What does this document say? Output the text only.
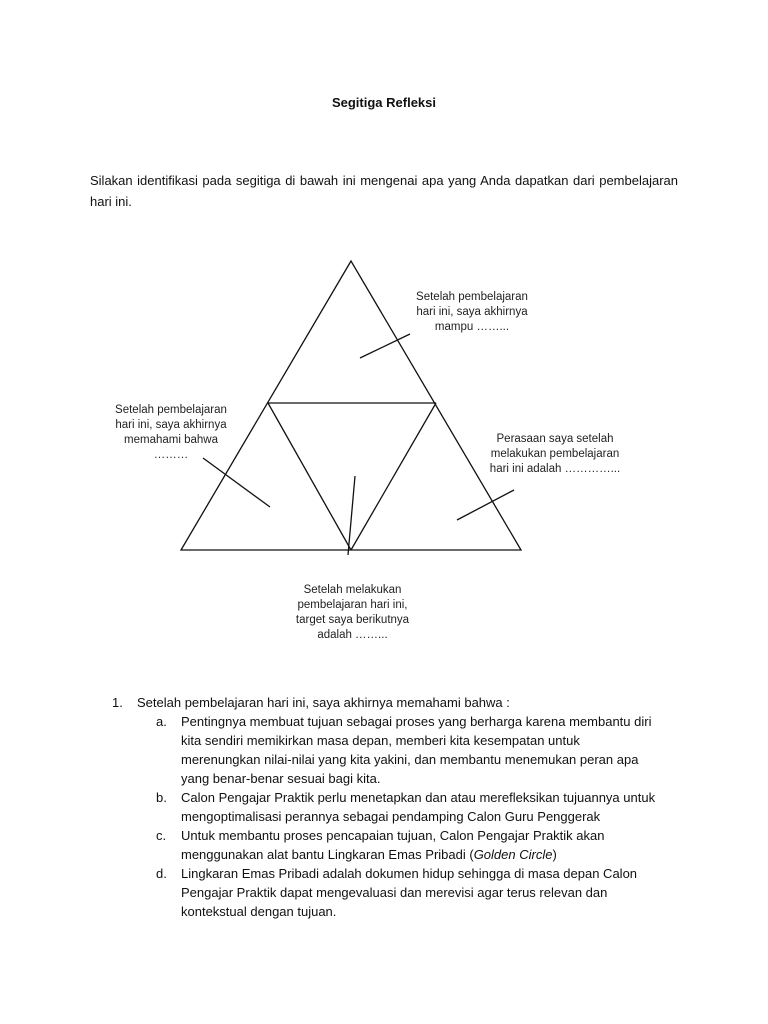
Segitiga Refleksi
Silakan identifikasi pada segitiga di bawah ini mengenai apa yang Anda dapatkan dari pembelajaran hari ini.
Setelah pembelajaran
hari ini, saya akhirnya
mampu ……...
Setelah pembelajaran
hari ini, saya akhirnya
memahami bahwa
………
Perasaan saya setelah
melakukan pembelajaran
hari ini adalah …………...
Setelah melakukan
pembelajaran hari ini,
target saya berikutnya
adalah ……...
1.	Setelah pembelajaran hari ini, saya akhirnya memahami bahwa :
a.	Pentingnya membuat tujuan sebagai proses yang berharga karena membantu diri kita sendiri memikirkan masa depan, memberi kita kesempatan untuk merenungkan nilai-nilai yang kita yakini, dan membantu menemukan peran apa yang benar-benar sesuai bagi kita.
b.	Calon Pengajar Praktik perlu menetapkan dan atau merefleksikan tujuannya untuk mengoptimalisasi perannya sebagai pendamping Calon Guru Penggerak
c.	Untuk membantu proses pencapaian tujuan, Calon Pengajar Praktik akan menggunakan alat bantu Lingkaran Emas Pribadi (Golden Circle)
d.	Lingkaran Emas Pribadi adalah dokumen hidup sehingga di masa depan Calon Pengajar Praktik dapat mengevaluasi dan merevisi agar terus relevan dan kontekstual dengan tujuan.
